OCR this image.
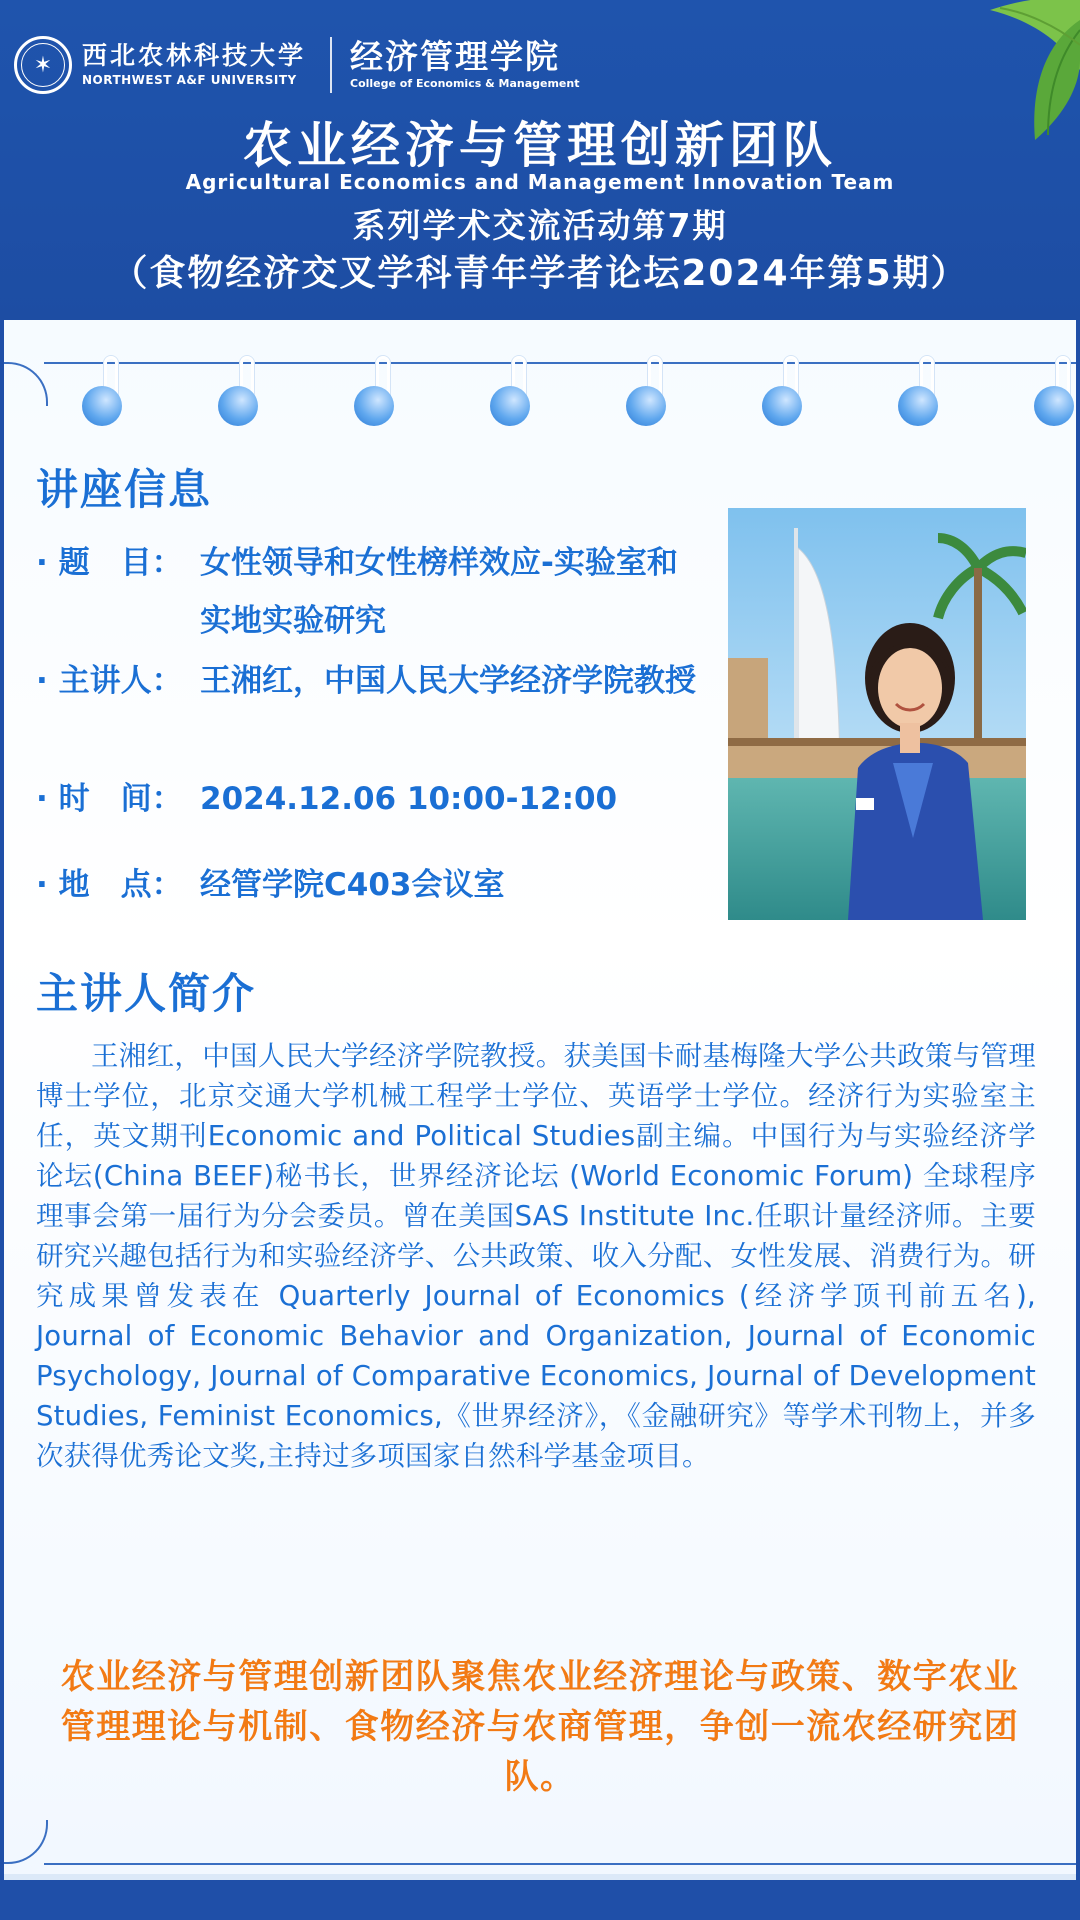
✶ 西北农林科技大学
NORTHWEST A&F UNIVERSITY
经济管理学院
College of Economics & Management
农业经济与管理创新团队
Agricultural Economics and Management Innovation Team
系列学术交流活动第7期
（食物经济交叉学科青年学者论坛2024年第5期）
讲座信息
· 题　目： 女性领导和女性榜样效应-实验室和实地实验研究
· 主讲人： 王湘红，中国人民大学经济学院教授
· 时　间： 2024.12.06 10:00-12:00
· 地　点： 经管学院C403会议室
主讲人简介
王湘红，中国人民大学经济学院教授。获美国卡耐基梅隆大学公共政策与管理博士学位，北京交通大学机械工程学士学位、英语学士学位。经济行为实验室主任，英文期刊Economic and Political Studies副主编。中国行为与实验经济学论坛(China BEEF)秘书长，世界经济论坛 (World Economic Forum) 全球程序理事会第一届行为分会委员。曾在美国SAS Institute Inc.任职计量经济师。主要研究兴趣包括行为和实验经济学、公共政策、收入分配、女性发展、消费行为。研究成果曾发表在 Quarterly Journal of Economics (经济学顶刊前五名), Journal of Economic Behavior and Organization, Journal of Economic Psychology, Journal of Comparative Economics, Journal of Development Studies, Feminist Economics,《世界经济》，《金融研究》等学术刊物上，并多次获得优秀论文奖,主持过多项国家自然科学基金项目。
农业经济与管理创新团队聚焦农业经济理论与政策、数字农业管理理论与机制、食物经济与农商管理，争创一流农经研究团队。
